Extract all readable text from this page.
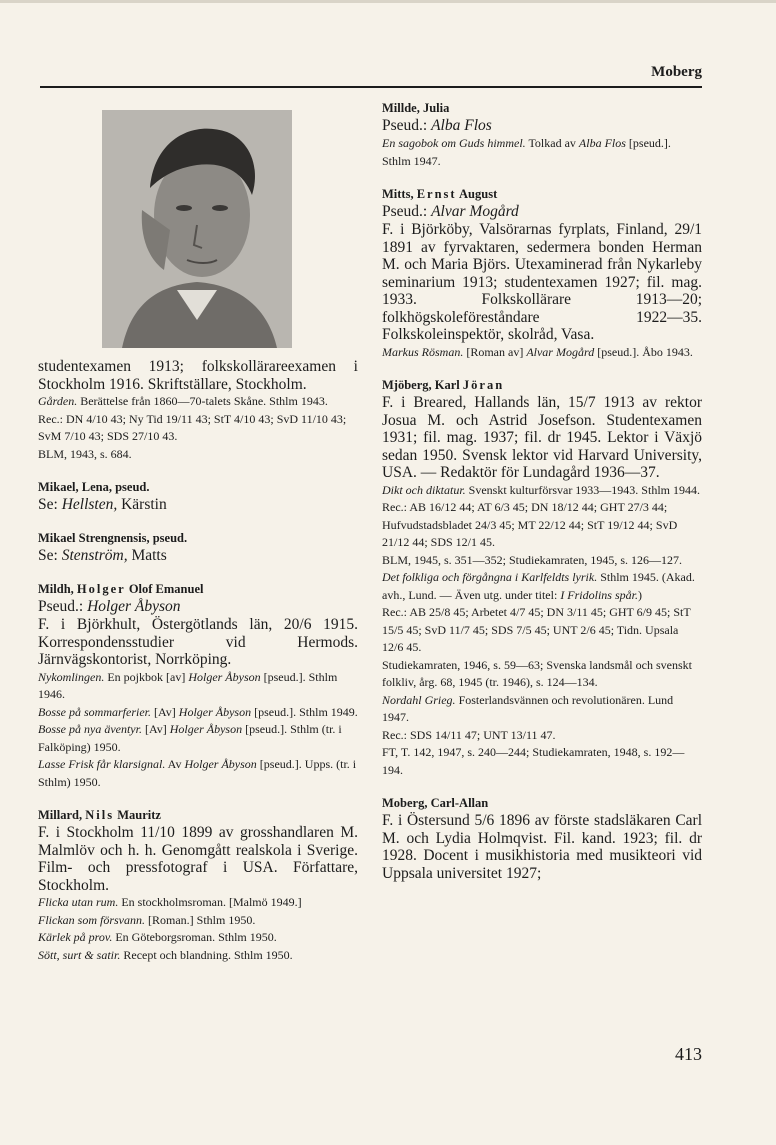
Moberg
studentexamen 1913; folkskollärareexamen i Stockholm 1916. Skriftställare, Stockholm.
Gården. Berättelse från 1860—70-talets Skåne. Sthlm 1943.
Rec.: DN 4/10 43; Ny Tid 19/11 43; StT 4/10 43; SvD 11/10 43; SvM 7/10 43; SDS 27/10 43.
BLM, 1943, s. 684.
Mikael, Lena, pseud.
Se: Hellsten, Kärstin
Mikael Strengnensis, pseud.
Se: Stenström, Matts
Mildh, Holger Olof Emanuel
Pseud.: Holger Åbyson
F. i Björkhult, Östergötlands län, 20/6 1915. Korrespondensstudier vid Hermods. Järnvägskontorist, Norrköping.
Nykomlingen. En pojkbok [av] Holger Åbyson [pseud.]. Sthlm 1946.
Bosse på sommarferier. [Av] Holger Åbyson [pseud.]. Sthlm 1949.
Bosse på nya äventyr. [Av] Holger Åbyson [pseud.]. Sthlm (tr. i Falköping) 1950.
Lasse Frisk får klarsignal. Av Holger Åbyson [pseud.]. Upps. (tr. i Sthlm) 1950.
Millard, Nils Mauritz
F. i Stockholm 11/10 1899 av grosshandlaren M. Malmlöv och h. h. Genomgått realskola i Sverige. Film- och pressfotograf i USA. Författare, Stockholm.
Flicka utan rum. En stockholmsroman. [Malmö 1949.]
Flickan som försvann. [Roman.] Sthlm 1950.
Kärlek på prov. En Göteborgsroman. Sthlm 1950.
Sött, surt & satir. Recept och blandning. Sthlm 1950.
Millde, Julia
Pseud.: Alba Flos
En sagobok om Guds himmel. Tolkad av Alba Flos [pseud.]. Sthlm 1947.
Mitts, Ernst August
Pseud.: Alvar Mogård
F. i Björköby, Valsörarnas fyrplats, Finland, 29/1 1891 av fyrvaktaren, sedermera bonden Herman M. och Maria Björs. Utexaminerad från Nykarleby seminarium 1913; studentexamen 1927; fil. mag. 1933. Folkskollärare 1913—20; folkhögskoleföreståndare 1922—35. Folkskoleinspektör, skolråd, Vasa.
Markus Rösman. [Roman av] Alvar Mogård [pseud.]. Åbo 1943.
Mjöberg, Karl Jöran
F. i Breared, Hallands län, 15/7 1913 av rektor Josua M. och Astrid Josefson. Studentexamen 1931; fil. mag. 1937; fil. dr 1945. Lektor i Växjö sedan 1950. Svensk lektor vid Harvard University, USA. — Redaktör för Lundagård 1936—37.
Dikt och diktatur. Svenskt kulturförsvar 1933—1943. Sthlm 1944.
Rec.: AB 16/12 44; AT 6/3 45; DN 18/12 44; GHT 27/3 44; Hufvudstadsbladet 24/3 45; MT 22/12 44; StT 19/12 44; SvD 21/12 44; SDS 12/1 45.
BLM, 1945, s. 351—352; Studiekamraten, 1945, s. 126—127.
Det folkliga och förgångna i Karlfeldts lyrik. Sthlm 1945. (Akad. avh., Lund. — Även utg. under titel: I Fridolins spår.)
Rec.: AB 25/8 45; Arbetet 4/7 45; DN 3/11 45; GHT 6/9 45; StT 15/5 45; SvD 11/7 45; SDS 7/5 45; UNT 2/6 45; Tidn. Upsala 12/6 45.
Studiekamraten, 1946, s. 59—63; Svenska landsmål och svenskt folkliv, årg. 68, 1945 (tr. 1946), s. 124—134.
Nordahl Grieg. Fosterlandsvännen och revolutionären. Lund 1947.
Rec.: SDS 14/11 47; UNT 13/11 47.
FT, T. 142, 1947, s. 240—244; Studiekamraten, 1948, s. 192—194.
Moberg, Carl-Allan
F. i Östersund 5/6 1896 av förste stadsläkaren Carl M. och Lydia Holmqvist. Fil. kand. 1923; fil. dr 1928. Docent i musikhistoria med musikteori vid Uppsala universitet 1927;
413
